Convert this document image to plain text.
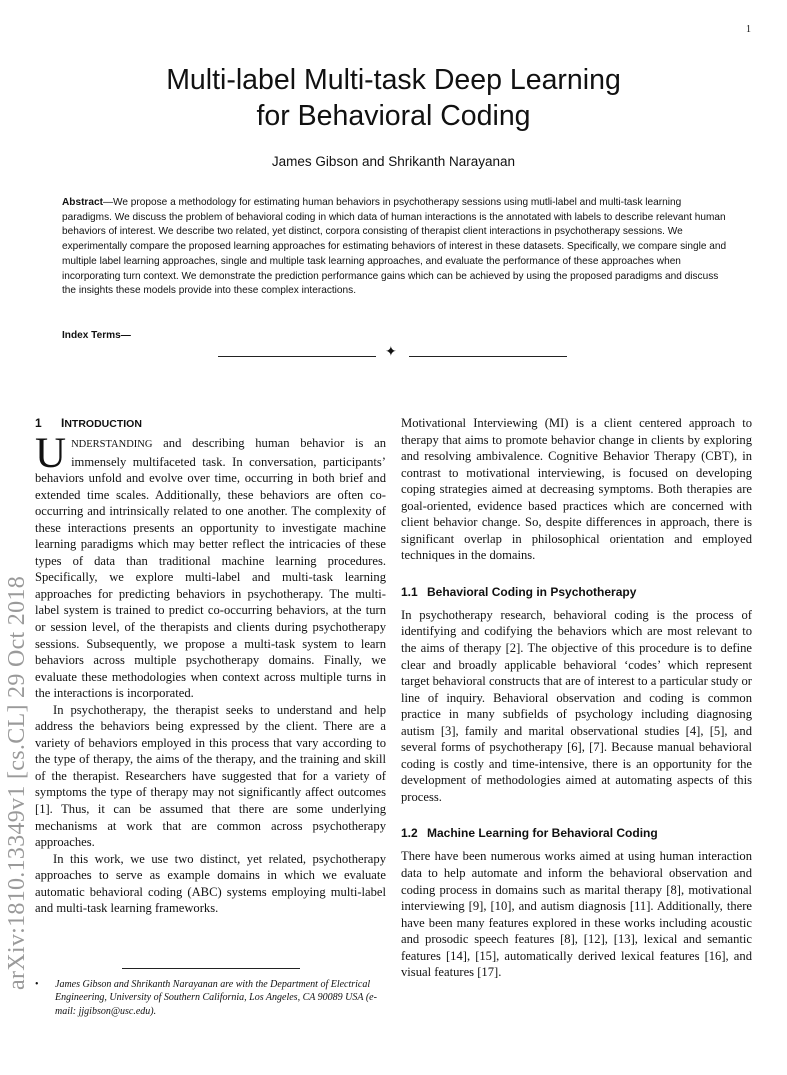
1
arXiv:1810.13349v1 [cs.CL] 29 Oct 2018
Multi-label Multi-task Deep Learning
for Behavioral Coding
James Gibson and Shrikanth Narayanan

Abstract—We propose a methodology for estimating human behaviors in psychotherapy sessions using mutli-label and multi-task learning paradigms. We discuss the problem of behavioral coding in which data of human interactions is the annotated with labels to describe relevant human behaviors of interest. We describe two related, yet distinct, corpora consisting of therapist client interactions in psychotherapy sessions. We experimentally compare the proposed learning approaches for estimating behaviors of interest in these datasets. Specifically, we compare single and multiple label learning approaches, single and multiple task learning approaches, and evaluate the performance of these approaches when incorporating turn context. We demonstrate the prediction performance gains which can be achieved by using the proposed paradigms and discuss the insights these models provide into these complex interactions.

Index Terms—

✦
1 INTRODUCTION

UNDERSTANDING and describing human behavior is an immensely multifaceted task. In conversation, participants’ behaviors unfold and evolve over time, occurring in both brief and extended time scales. Additionally, these behaviors are often co-occurring and intrinsically related to one another. The complexity of these interactions presents an opportunity to investigate machine learning paradigms which may better reflect the intricacies of these types of data than traditional machine learning procedures. Specifically, we explore multi-label and multi-task learning approaches for predicting behaviors in psychotherapy. The multi-label system is trained to predict co-occurring behaviors, at the turn or session level, of the therapists and clients during psychotherapy sessions. Subsequently, we propose a multi-task system to learn behaviors across multiple psychotherapy domains. Finally, we evaluate these methodologies when context across multiple turns in the interactions is incorporated.

In psychotherapy, the therapist seeks to understand and help address the behaviors being expressed by the client. There are a variety of behaviors employed in this process that vary according to the type of therapy, the aims of the therapy, and the training and skill of the therapist. Researchers have suggested that for a variety of symptoms the type of therapy may not significantly affect outcomes [1]. Thus, it can be assumed that there are some underlying mechanisms at work that are common across psychotherapy approaches.

In this work, we use two distinct, yet related, psychotherapy approaches to serve as example domains in which we evaluate automatic behavioral coding (ABC) systems employing multi-label and multi-task learning frameworks.

• James Gibson and Shrikanth Narayanan are with the Department of Electrical Engineering, University of Southern California, Los Angeles, CA 90089 USA (e-mail: jjgibson@usc.edu).

Motivational Interviewing (MI) is a client centered approach to therapy that aims to promote behavior change in clients by exploring and resolving ambivalence. Cognitive Behavior Therapy (CBT), in contrast to motivational interviewing, is focused on developing coping strategies aimed at decreasing symptoms. Both therapies are goal-oriented, evidence based practices which are concerned with client behavior change. So, despite differences in approach, there is significant overlap in philosophical orientation and employed techniques in the domains.

1.1 Behavioral Coding in Psychotherapy

In psychotherapy research, behavioral coding is the process of identifying and codifying the behaviors which are most relevant to the aims of therapy [2]. The objective of this procedure is to define clear and broadly applicable behavioral ‘codes’ which represent target behavioral constructs that are of interest to a particular study or line of inquiry. Behavioral observation and coding is common practice in many subfields of psychology including diagnosing autism [3], family and marital observational studies [4], [5], and several forms of psychotherapy [6], [7]. Because manual behavioral coding is costly and time-intensive, there is an opportunity for the development of methodologies aimed at automating aspects of this process.

1.2 Machine Learning for Behavioral Coding

There have been numerous works aimed at using human interaction data to help automate and inform the behavioral observation and coding process in domains such as marital therapy [8], motivational interviewing [9], [10], and autism diagnosis [11]. Additionally, there have been many features explored in these works including acoustic and prosodic speech features [8], [12], [13], lexical and semantic features [14], [15], automatically derived lexical features [16], and visual features [17].
